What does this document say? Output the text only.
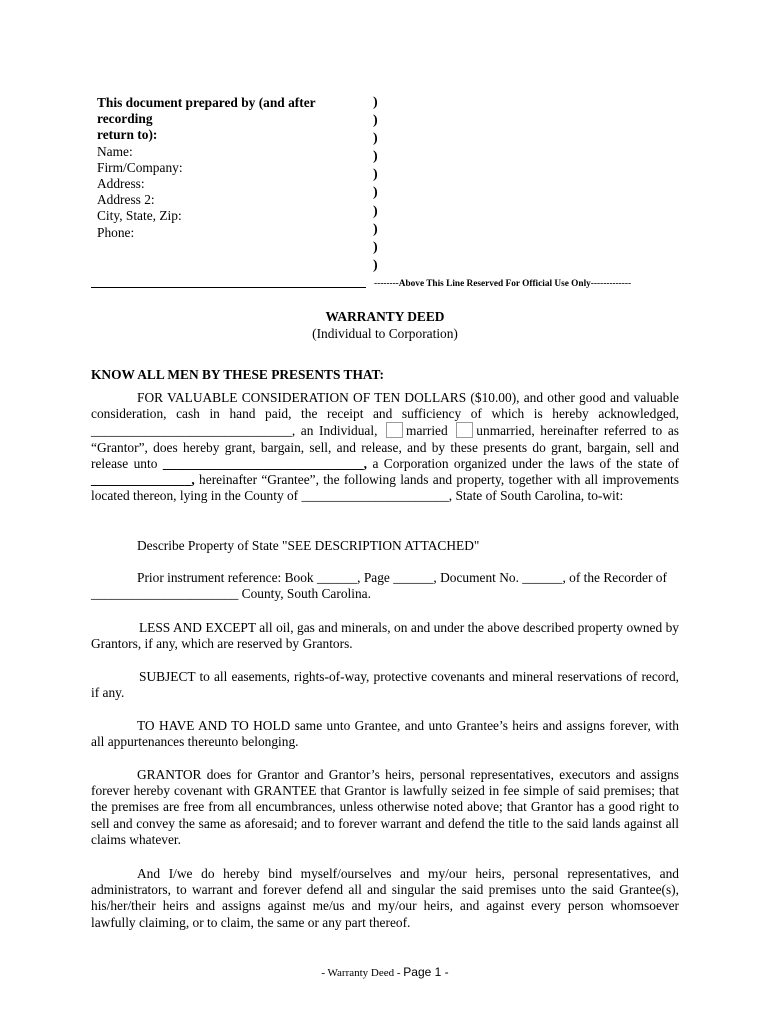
This document prepared by (and after recording
return to):
Name:
Firm/Company:
Address:
Address 2:
City, State, Zip:
Phone:
)
)
)
)
)
)
)
)
)
)
--------Above This Line Reserved For Official Use Only-------------
WARRANTY DEED
(Individual to Corporation)
KNOW ALL MEN BY THESE PRESENTS THAT:
FOR VALUABLE CONSIDERATION OF TEN DOLLARS ($10.00), and other good and valuable consideration, cash in hand paid, the receipt and sufficiency of which is hereby acknowledged, ______________________________, an Individual, married unmarried, hereinafter referred to as “Grantor”, does hereby grant, bargain, sell, and release, and by these presents do grant, bargain, sell and release unto ______________________________, a Corporation organized under the laws of the state of _______________, hereinafter “Grantee”, the following lands and property, together with all improvements located thereon, lying in the County of ______________________, State of South Carolina, to-wit:
Describe Property of State "SEE DESCRIPTION ATTACHED"
Prior instrument reference: Book ______, Page ______, Document No. ______, of the Recorder of
______________________ County, South Carolina.
LESS AND EXCEPT all oil, gas and minerals, on and under the above described property owned by Grantors, if any, which are reserved by Grantors.
SUBJECT to all easements, rights-of-way, protective covenants and mineral reservations of record, if any.
TO HAVE AND TO HOLD same unto Grantee, and unto Grantee’s heirs and assigns forever, with all appurtenances thereunto belonging.
GRANTOR does for Grantor and Grantor’s heirs, personal representatives, executors and assigns forever hereby covenant with GRANTEE that Grantor is lawfully seized in fee simple of said premises; that the premises are free from all encumbrances, unless otherwise noted above; that Grantor has a good right to sell and convey the same as aforesaid; and to forever warrant and defend the title to the said lands against all claims whatever.
And I/we do hereby bind myself/ourselves and my/our heirs, personal representatives, and administrators, to warrant and forever defend all and singular the said premises unto the said Grantee(s), his/her/their heirs and assigns against me/us and my/our heirs, and against every person whomsoever lawfully claiming, or to claim, the same or any part thereof.
- Warranty Deed - Page 1 -
